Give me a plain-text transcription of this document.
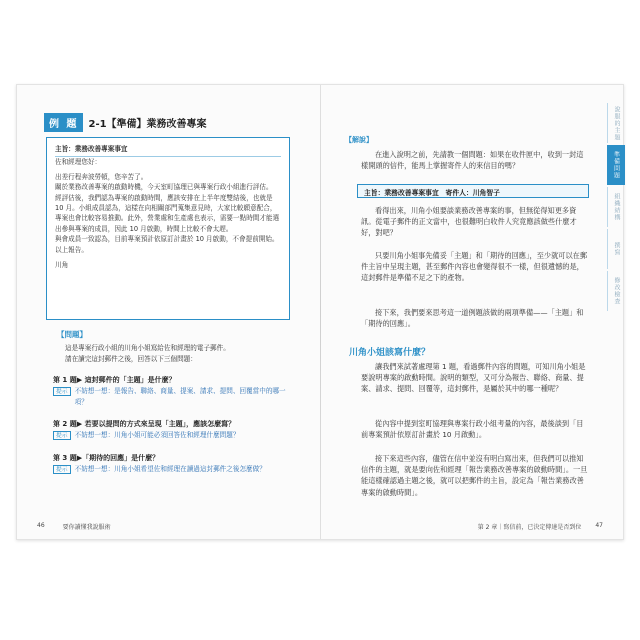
例 題	2-1【準備】業務改善專案

主旨：業務改善專案事宜

佐和經理您好：

出差行程奔波勞頓，您辛苦了。

關於業務改善專案的啟動時機，今天室町協理已與專案行政小組進行評估。

經評估後，我們認為專案的啟動時間，應該安排在上半年度雙結後，也就是 10 月。小組成員認為，這樣在向相關部門蒐集意見時，大家比較願意配合，專案也會比較容易推動。此外，營業處和生產處也表示，需要一點時間才能選出參與專案的成員，因此 10 月啟動，時間上比較不會太趕。

與會成員一致認為，目前專案預計依原訂計畫於 10 月啟動，不會提前開始。

以上報告。

川角

【問題】

這是專案行政小組的川角小姐寫給佐和經理的電子郵件。

請在讀完這封郵件之後，回答以下三個問題：

第 1 題▶ 這封郵件的「主題」是什麼？
提示	不妨想一想：是報告、聯絡、商量、提案、請求、提問、回覆當中的哪一項？
第 2 題▶ 若要以提問的方式來呈現「主題」，應該怎麼寫？
提示	不妨想一想：川角小姐可能必須回答佐和經理什麼問題？
第 3 題▶「期待的回應」是什麼？
提示	不妨想一想：川角小姐希望佐和經理在讀過這封郵件之後怎麼做？
46	要你讀懂我說服術
【解說】

在進入說明之前，先請教一個問題：如果在收件匣中，收到一封這樣開頭的信件，能馬上掌握寄件人的來信目的嗎？

主旨：業務改善專案事宜　寄件人：川角智子

看得出來，川角小姐要談業務改善專案的事，但無從得知更多資訊。從電子郵件的正文當中，也很難明白收件人究竟應該做些什麼才好，對吧？

只要川角小姐事先備妥「主題」和「期待的回應」，至少就可以在郵件主旨中呈現主題，甚至郵件內容也會變得很不一樣，但很遺憾的是，這封郵件是準備不足之下的產物。

接下來，我們要來思考這一道例題該做的兩項準備——「主題」和「期待的回應」。

川角小姐該寫什麼？

讓我們來試著處理第 1 題，看過郵件內容的問題，可知川角小姐是要說明專案的啟動時間。說明的類型，又可分為報告、聯絡、商量、提案、請求、提問、回覆等，這封郵件，是屬於其中的哪一種呢？

從內容中提到室町協理與專案行政小組考量的內容，最後談到「目前專案預計依原訂計畫於 10 月啟動」。

接下來這些內容，儘管在信中並沒有明白寫出來，但我們可以推知信件的主題，就是要向佐和經理「報告業務改善專案的啟動時間」。一旦能這樣確認過主題之後，就可以把郵件的主旨，設定為「報告業務改善專案的啟動時間」。

說服的主題
準備問題
組織結構
撰寫
修改檢查
第 2 章｜寫信前，已決定傳達是否到位 47
